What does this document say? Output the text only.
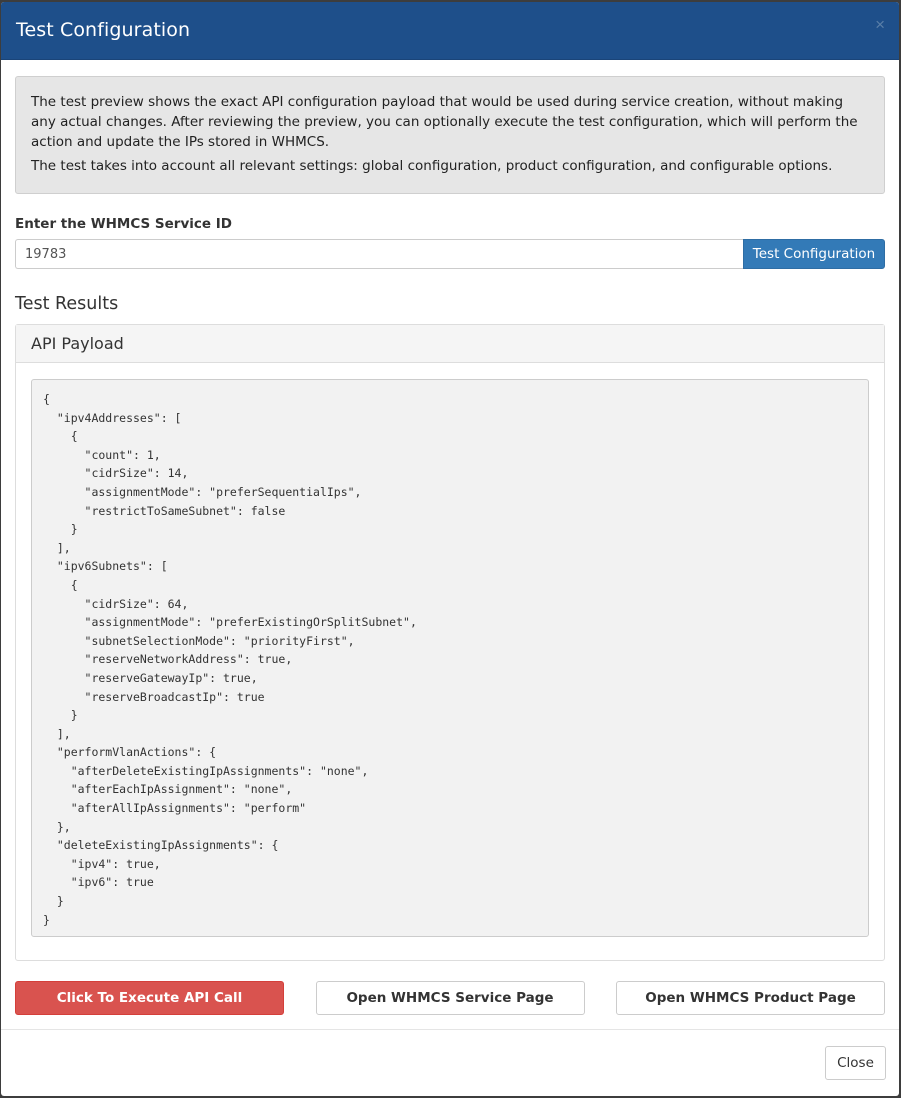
Test Configuration	×

The test preview shows the exact API configuration payload that would be used during service creation, without making any actual changes. After reviewing the preview, you can optionally execute the test configuration, which will perform the action and update the IPs stored in WHMCS.

The test takes into account all relevant settings: global configuration, product configuration, and configurable options.

Enter the WHMCS Service ID
19783
Test Configuration
Test Results
API Payload
{
"ipv4Addresses": [
{
"count": 1,
"cidrSize": 14,
"assignmentMode": "preferSequentialIps",
"restrictToSameSubnet": false
}
],
"ipv6Subnets": [
{
"cidrSize": 64,
"assignmentMode": "preferExistingOrSplitSubnet",
"subnetSelectionMode": "priorityFirst",
"reserveNetworkAddress": true,
"reserveGatewayIp": true,
"reserveBroadcastIp": true
}
],
"performVlanActions": {
"afterDeleteExistingIpAssignments": "none",
"afterEachIpAssignment": "none",
"afterAllIpAssignments": "perform"
},
"deleteExistingIpAssignments": {
"ipv4": true,
"ipv6": true
}
}
Click To Execute API Call	Open WHMCS Service Page	Open WHMCS Product Page
Close
